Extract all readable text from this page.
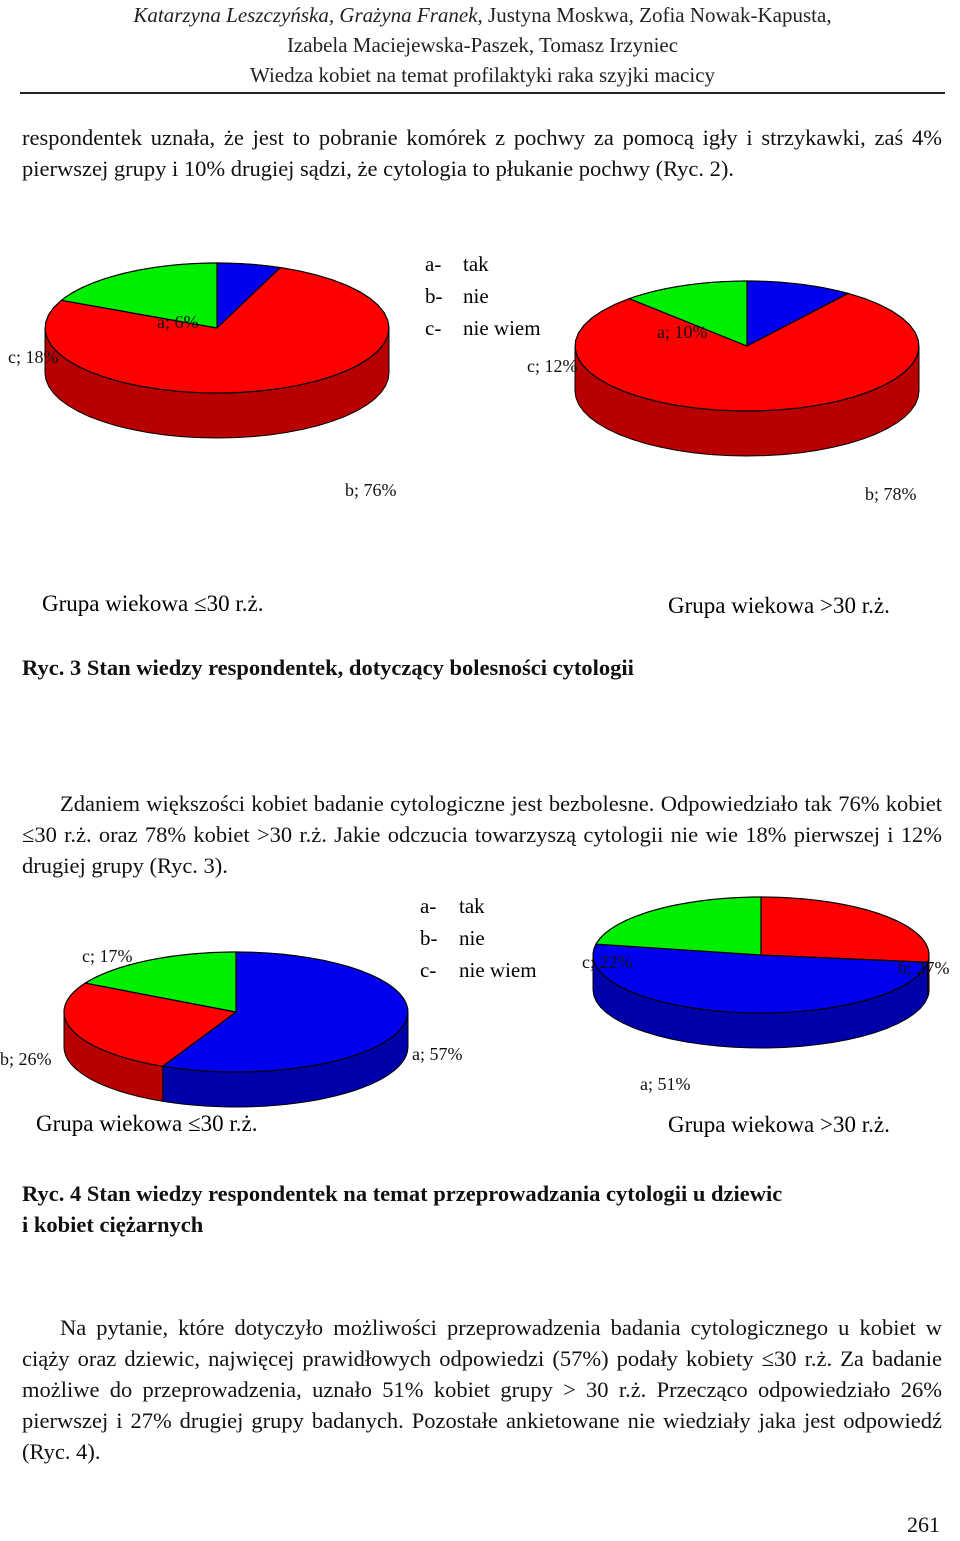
Katarzyna Leszczyńska, Grażyna Franek, Justyna Moskwa, Zofia Nowak-Kapusta,
Izabela Maciejewska-Paszek, Tomasz Irzyniec
Wiedza kobiet na temat profilaktyki raka szyjki macicy
respondentek uznała, że jest to pobranie komórek z pochwy za pomocą igły i strzykawki, zaś 4% pierwszej grupy i 10% drugiej sądzi, że cytologia to płukanie pochwy (Ryc. 2).
a; 6%
b; 76%
c; 18%
a; 10%
b; 78%
c; 12%
a- tak
b- nie
c- nie wiem
Grupa wiekowa ≤30 r.ż.	Grupa wiekowa >30 r.ż.
Ryc. 3 Stan wiedzy respondentek, dotyczący bolesności cytologii
Zdaniem większości kobiet badanie cytologiczne jest bezbolesne. Odpowiedziało tak 76% kobiet ≤30 r.ż. oraz 78% kobiet >30 r.ż. Jakie odczucia towarzyszą cytologii nie wie 18% pierwszej i 12% drugiej grupy (Ryc. 3).
a; 57%
b; 26%
c; 17%
a; 51%
b; 27%
c; 22%
a- tak
b- nie
c- nie wiem
Grupa wiekowa ≤30 r.ż.	Grupa wiekowa >30 r.ż.
Ryc. 4 Stan wiedzy respondentek na temat przeprowadzania cytologii u dziewic
i kobiet ciężarnych
Na pytanie, które dotyczyło możliwości przeprowadzenia badania cytologicznego u kobiet w ciąży oraz dziewic, najwięcej prawidłowych odpowiedzi (57%) podały kobiety ≤30 r.ż. Za badanie możliwe do przeprowadzenia, uznało 51% kobiet grupy > 30 r.ż. Przecząco odpowiedziało 26% pierwszej i 27% drugiej grupy badanych. Pozostałe ankietowane nie wiedziały jaka jest odpowiedź (Ryc. 4).
261
